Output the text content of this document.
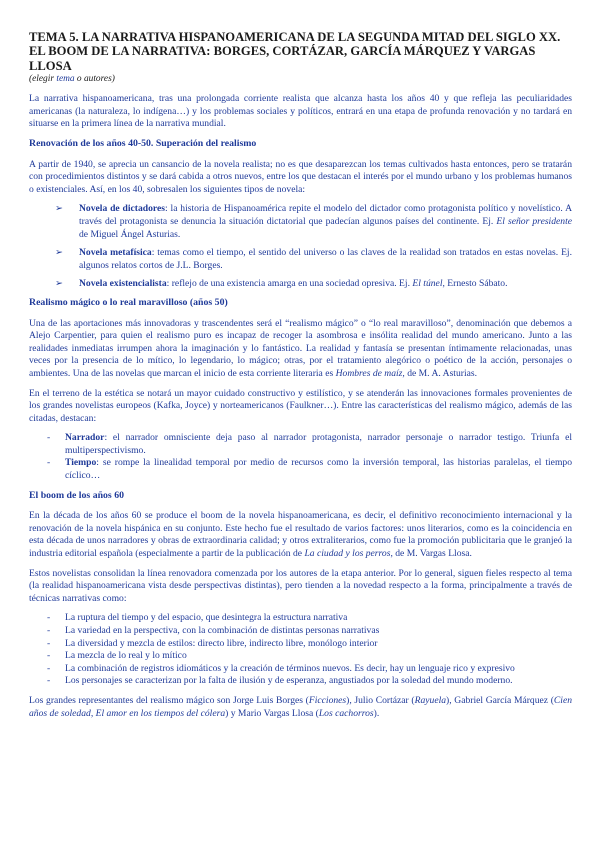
TEMA 5. LA NARRATIVA HISPANOAMERICANA DE LA SEGUNDA MITAD DEL SIGLO XX. EL BOOM DE LA NARRATIVA: BORGES, CORTÁZAR, GARCÍA MÁRQUEZ Y VARGAS LLOSA
(elegir tema o autores)

La narrativa hispanoamericana, tras una prolongada corriente realista que alcanza hasta los años 40 y que refleja las peculiaridades americanas (la naturaleza, lo indígena…) y los problemas sociales y políticos, entrará en una etapa de profunda renovación y no tardará en situarse en la primera línea de la narrativa mundial.

Renovación de los años 40-50. Superación del realismo

A partir de 1940, se aprecia un cansancio de la novela realista; no es que desaparezcan los temas cultivados hasta entonces, pero se tratarán con procedimientos distintos y se dará cabida a otros nuevos, entre los que destacan el interés por el mundo urbano y los problemas humanos o existenciales. Así, en los 40, sobresalen los siguientes tipos de novela:

➢ Novela de dictadores: la historia de Hispanoamérica repite el modelo del dictador como protagonista político y novelístico. A través del protagonista se denuncia la situación dictatorial que padecían algunos países del continente. Ej. El señor presidente de Miguel Ángel Asturias.
➢ Novela metafísica: temas como el tiempo, el sentido del universo o las claves de la realidad son tratados en estas novelas. Ej. algunos relatos cortos de J.L. Borges.
➢ Novela existencialista: reflejo de una existencia amarga en una sociedad opresiva. Ej. El túnel, Ernesto Sábato.
Realismo mágico o lo real maravilloso (años 50)

Una de las aportaciones más innovadoras y trascendentes será el “realismo mágico” o “lo real maravilloso”, denominación que debemos a Alejo Carpentier, para quien el realismo puro es incapaz de recoger la asombrosa e insólita realidad del mundo americano. Junto a las realidades inmediatas irrumpen ahora la imaginación y lo fantástico. La realidad y fantasía se presentan íntimamente relacionadas, unas veces por la presencia de lo mítico, lo legendario, lo mágico; otras, por el tratamiento alegórico o poético de la acción, personajes o ambientes. Una de las novelas que marcan el inicio de esta corriente literaria es Hombres de maíz, de M. A. Asturias.

En el terreno de la estética se notará un mayor cuidado constructivo y estilístico, y se atenderán las innovaciones formales provenientes de los grandes novelistas europeos (Kafka, Joyce) y norteamericanos (Faulkner…). Entre las características del realismo mágico, además de las citadas, destacan:

- Narrador: el narrador omnisciente deja paso al narrador protagonista, narrador personaje o narrador testigo. Triunfa el multiperspectivismo.
- Tiempo: se rompe la linealidad temporal por medio de recursos como la inversión temporal, las historias paralelas, el tiempo cíclico…
El boom de los años 60

En la década de los años 60 se produce el boom de la novela hispanoamericana, es decir, el definitivo reconocimiento internacional y la renovación de la novela hispánica en su conjunto. Este hecho fue el resultado de varios factores: unos literarios, como es la coincidencia en esta década de unos narradores y obras de extraordinaria calidad; y otros extraliterarios, como fue la promoción publicitaria que le granjeó la industria editorial española (especialmente a partir de la publicación de La ciudad y los perros, de M. Vargas Llosa.

Estos novelistas consolidan la línea renovadora comenzada por los autores de la etapa anterior. Por lo general, siguen fieles respecto al tema (la realidad hispanoamericana vista desde perspectivas distintas), pero tienden a la novedad respecto a la forma, principalmente a través de técnicas narrativas como:

- La ruptura del tiempo y del espacio, que desintegra la estructura narrativa
- La variedad en la perspectiva, con la combinación de distintas personas narrativas
- La diversidad y mezcla de estilos: directo libre, indirecto libre, monólogo interior
- La mezcla de lo real y lo mítico
- La combinación de registros idiomáticos y la creación de términos nuevos. Es decir, hay un lenguaje rico y expresivo
- Los personajes se caracterizan por la falta de ilusión y de esperanza, angustiados por la soledad del mundo moderno.

Los grandes representantes del realismo mágico son Jorge Luis Borges (Ficciones), Julio Cortázar (Rayuela), Gabriel García Márquez (Cien años de soledad, El amor en los tiempos del cólera) y Mario Vargas Llosa (Los cachorros).
